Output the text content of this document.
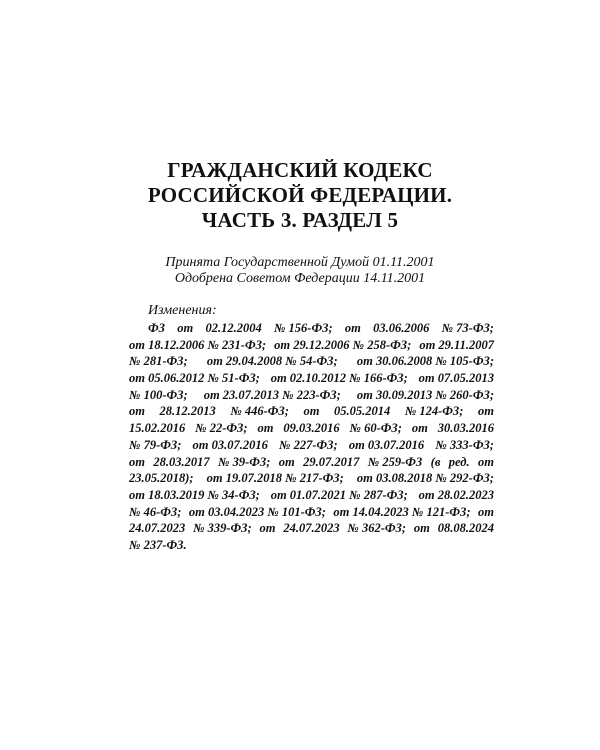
ГРАЖДАНСКИЙ КОДЕКС
РОССИЙСКОЙ ФЕДЕРАЦИИ.
ЧАСТЬ 3. РАЗДЕЛ 5
Принята Государственной Думой 01.11.2001
Одобрена Советом Федерации 14.11.2001
Изменения:
ФЗ от 02.12.2004 № 156-ФЗ; от 03.06.2006 № 73-ФЗ;
от 18.12.2006 № 231-ФЗ; от 29.12.2006 № 258-ФЗ; от 29.11.2007
№ 281-ФЗ; от 29.04.2008 № 54-ФЗ; от 30.06.2008 № 105-ФЗ;
от 05.06.2012 № 51-ФЗ; от 02.10.2012 № 166-ФЗ; от 07.05.2013
№ 100-ФЗ; от 23.07.2013 № 223-ФЗ; от 30.09.2013 № 260-ФЗ;
от 28.12.2013 № 446-ФЗ; от 05.05.2014 № 124-ФЗ; от
15.02.2016 № 22-ФЗ; от 09.03.2016 № 60-ФЗ; от 30.03.2016
№ 79-ФЗ; от 03.07.2016 № 227-ФЗ; от 03.07.2016 № 333-ФЗ;
от 28.03.2017 № 39-ФЗ; от 29.07.2017 № 259-ФЗ (в ред. от
23.05.2018); от 19.07.2018 № 217-ФЗ; от 03.08.2018 № 292-ФЗ;
от 18.03.2019 № 34-ФЗ; от 01.07.2021 № 287-ФЗ; от 28.02.2023
№ 46-ФЗ; от 03.04.2023 № 101-ФЗ; от 14.04.2023 № 121-ФЗ; от
24.07.2023 № 339-ФЗ; от 24.07.2023 № 362-ФЗ; от 08.08.2024
№ 237-ФЗ.
